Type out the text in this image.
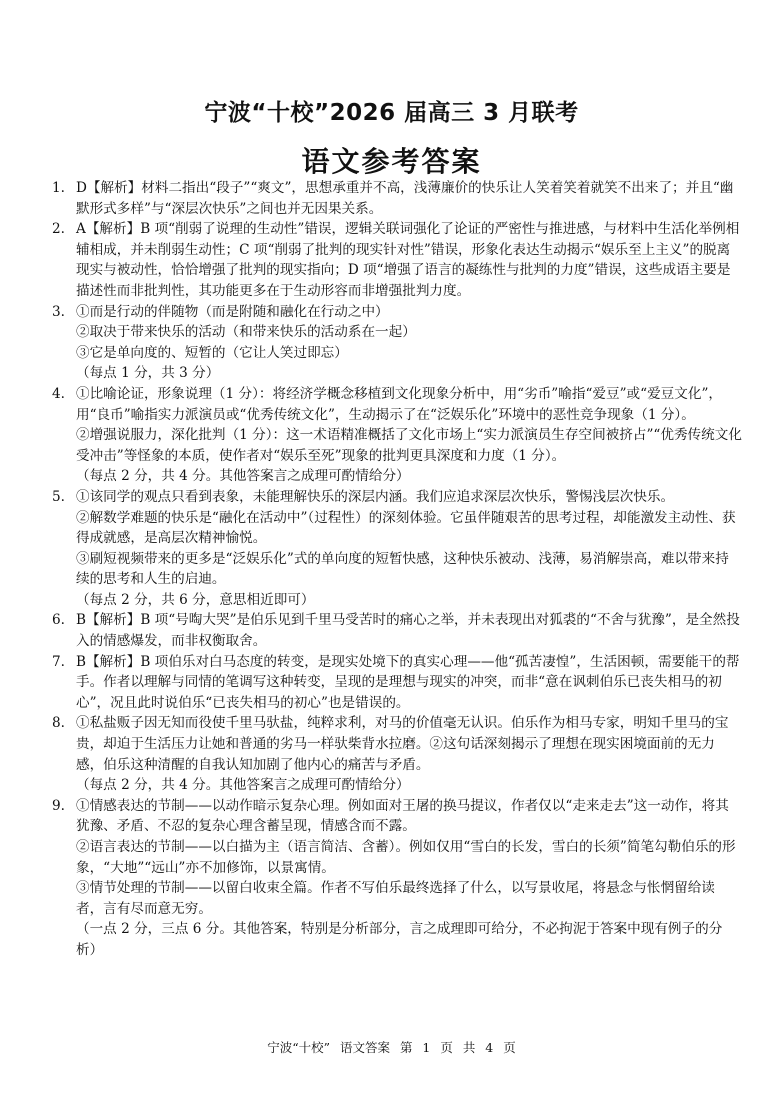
宁波“十校”2026 届高三 3 月联考
语文参考答案
1. D【解析】材料二指出“段子”“爽文”，思想承重并不高，浅薄廉价的快乐让人笑着笑着就笑不出来了；并且“幽默形式多样”与“深层次快乐”之间也并无因果关系。

2. A【解析】B 项“削弱了说理的生动性”错误，逻辑关联词强化了论证的严密性与推进感，与材料中生活化举例相辅相成，并未削弱生动性；C 项“削弱了批判的现实针对性”错误，形象化表达生动揭示“娱乐至上主义”的脱离现实与被动性，恰恰增强了批判的现实指向；D 项“增强了语言的凝练性与批判的力度”错误，这些成语主要是描述性而非批判性，其功能更多在于生动形容而非增强批判力度。

3. ①而是行动的伴随物（而是附随和融化在行动之中）

②取决于带来快乐的活动（和带来快乐的活动系在一起）

③它是单向度的、短暂的（它让人笑过即忘）

（每点 1 分，共 3 分）

4. ①比喻论证，形象说理（1 分）：将经济学概念移植到文化现象分析中，用“劣币”喻指“爱豆”或“爱豆文化”，用“良币”喻指实力派演员或“优秀传统文化”，生动揭示了在“泛娱乐化”环境中的恶性竞争现象（1 分）。

②增强说服力，深化批判（1 分）：这一术语精准概括了文化市场上“实力派演员生存空间被挤占”“优秀传统文化受冲击”等怪象的本质，使作者对“娱乐至死”现象的批判更具深度和力度（1 分）。

（每点 2 分，共 4 分。其他答案言之成理可酌情给分）

5. ①该同学的观点只看到表象，未能理解快乐的深层内涵。我们应追求深层次快乐，警惕浅层次快乐。

②解数学难题的快乐是“融化在活动中”（过程性）的深刻体验。它虽伴随艰苦的思考过程，却能激发主动性、获得成就感，是高层次精神愉悦。

③刷短视频带来的更多是“泛娱乐化”式的单向度的短暂快感，这种快乐被动、浅薄，易消解崇高，难以带来持续的思考和人生的启迪。

（每点 2 分，共 6 分，意思相近即可）

6. B【解析】B 项“号啕大哭”是伯乐见到千里马受苦时的痛心之举，并未表现出对狐裘的“不舍与犹豫”，是全然投入的情感爆发，而非权衡取舍。

7. B【解析】B 项伯乐对白马态度的转变，是现实处境下的真实心理——他“孤苦凄惶”，生活困顿，需要能干的帮手。作者以理解与同情的笔调写这种转变，呈现的是理想与现实的冲突，而非“意在讽刺伯乐已丧失相马的初心”，况且此时说伯乐“已丧失相马的初心”也是错误的。

8. ①私盐贩子因无知而役使千里马驮盐，纯粹求利，对马的价值毫无认识。伯乐作为相马专家，明知千里马的宝贵，却迫于生活压力让她和普通的劣马一样驮柴背水拉磨。②这句话深刻揭示了理想在现实困境面前的无力感，伯乐这种清醒的自我认知加剧了他内心的痛苦与矛盾。

（每点 2 分，共 4 分。其他答案言之成理可酌情给分）

9. ①情感表达的节制——以动作暗示复杂心理。例如面对王屠的换马提议，作者仅以“走来走去”这一动作，将其犹豫、矛盾、不忍的复杂心理含蓄呈现，情感含而不露。

②语言表达的节制——以白描为主（语言简洁、含蓄）。例如仅用“雪白的长发，雪白的长须”简笔勾勒伯乐的形象，“大地”“远山”亦不加修饰，以景寓情。

③情节处理的节制——以留白收束全篇。作者不写伯乐最终选择了什么，以写景收尾，将悬念与怅惘留给读者，言有尽而意无穷。

（一点 2 分，三点 6 分。其他答案，特别是分析部分，言之成理即可给分，不必拘泥于答案中现有例子的分析）

宁波“十校” 语文答案 第 1 页 共 4 页
